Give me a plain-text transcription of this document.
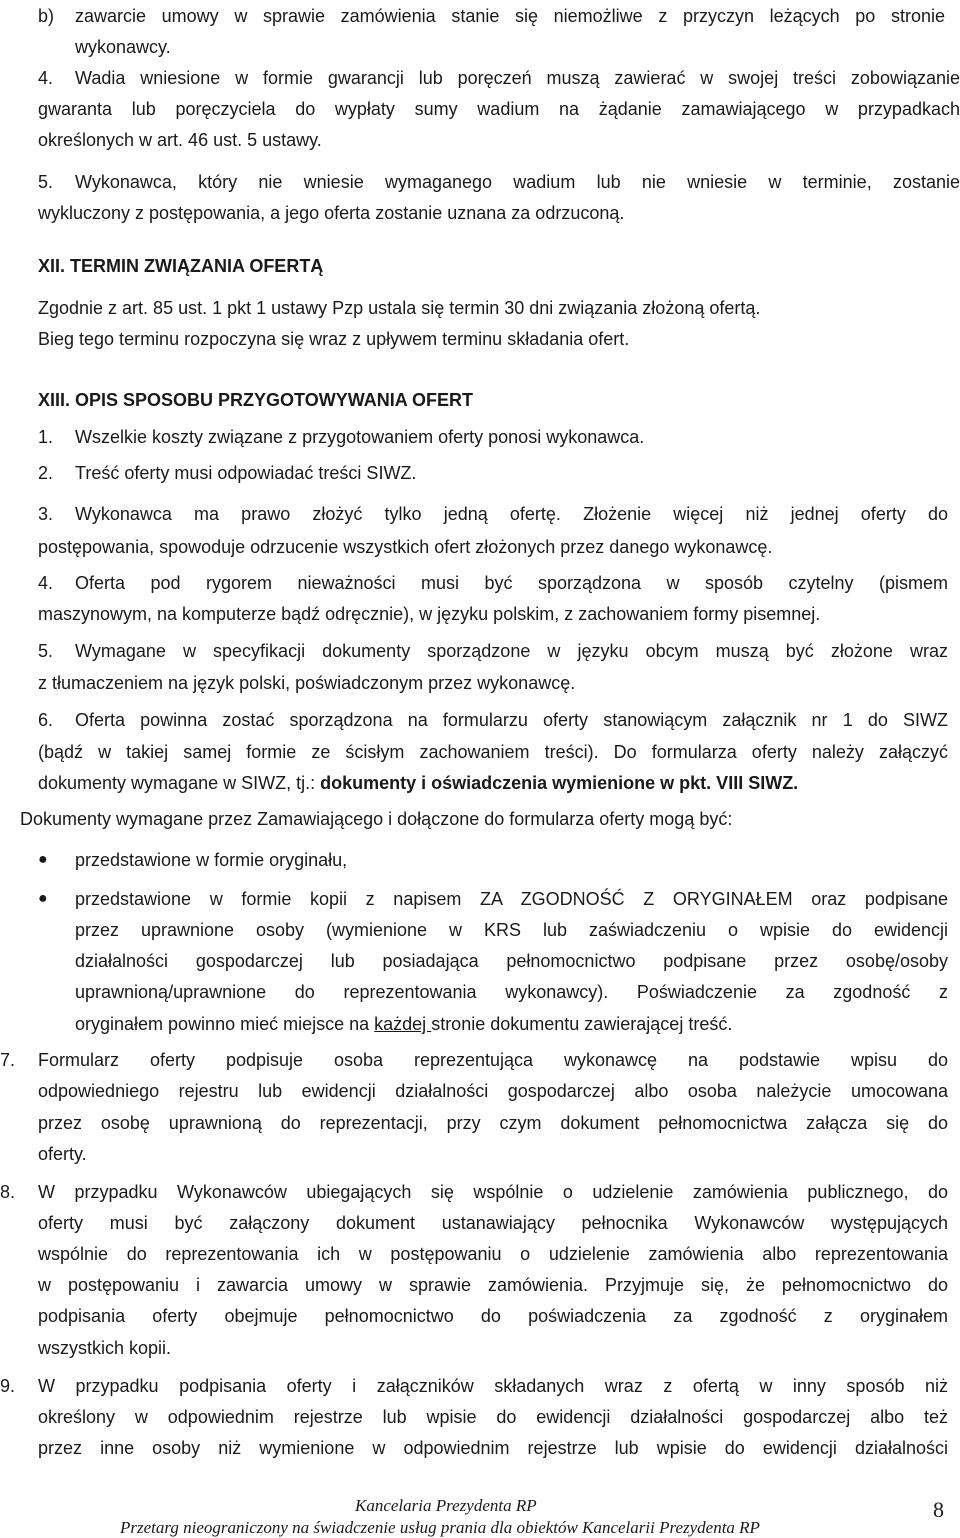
b) zawarcie umowy w sprawie zamówienia stanie się niemożliwe z przyczyn leżących po stronie
wykonawcy.
4. Wadia wniesione w formie gwarancji lub poręczeń muszą zawierać w swojej treści zobowiązanie
gwaranta lub poręczyciela do wypłaty sumy wadium na żądanie zamawiającego w przypadkach
określonych w art. 46 ust. 5 ustawy.
5. Wykonawca, który nie wniesie wymaganego wadium lub nie wniesie w terminie, zostanie
wykluczony z postępowania, a jego oferta zostanie uznana za odrzuconą.
XII. TERMIN ZWIĄZANIA OFERTĄ
Zgodnie z art. 85 ust. 1 pkt 1 ustawy Pzp ustala się termin 30 dni związania złożoną ofertą.
Bieg tego terminu rozpoczyna się wraz z upływem terminu składania ofert.
XIII. OPIS SPOSOBU PRZYGOTOWYWANIA OFERT
1. Wszelkie koszty związane z przygotowaniem oferty ponosi wykonawca.
2. Treść oferty musi odpowiadać treści SIWZ.
3. Wykonawca ma prawo złożyć tylko jedną ofertę. Złożenie więcej niż jednej oferty do
postępowania, spowoduje odrzucenie wszystkich ofert złożonych przez danego wykonawcę.
4. Oferta pod rygorem nieważności musi być sporządzona w sposób czytelny (pismem
maszynowym, na komputerze bądź odręcznie), w języku polskim, z zachowaniem formy pisemnej.
5. Wymagane w specyfikacji dokumenty sporządzone w języku obcym muszą być złożone wraz
z tłumaczeniem na język polski, poświadczonym przez wykonawcę.
6. Oferta powinna zostać sporządzona na formularzu oferty stanowiącym załącznik nr 1 do SIWZ
(bądź w takiej samej formie ze ścisłym zachowaniem treści). Do formularza oferty należy załączyć
dokumenty wymagane w SIWZ, tj.: dokumenty i oświadczenia wymienione w pkt. VIII SIWZ.
Dokumenty wymagane przez Zamawiającego i dołączone do formularza oferty mogą być:
● przedstawione w formie oryginału,
● przedstawione w formie kopii z napisem ZA ZGODNOŚĆ Z ORYGINAŁEM oraz podpisane
przez uprawnione osoby (wymienione w KRS lub zaświadczeniu o wpisie do ewidencji
działalności gospodarczej lub posiadająca pełnomocnictwo podpisane przez osobę/osoby
uprawnioną/uprawnione do reprezentowania wykonawcy). Poświadczenie za zgodność z
oryginałem powinno mieć miejsce na każdej stronie dokumentu zawierającej treść.
7. Formularz oferty podpisuje osoba reprezentująca wykonawcę na podstawie wpisu do
odpowiedniego rejestru lub ewidencji działalności gospodarczej albo osoba należycie umocowana
przez osobę uprawnioną do reprezentacji, przy czym dokument pełnomocnictwa załącza się do
oferty.
8. W przypadku Wykonawców ubiegających się wspólnie o udzielenie zamówienia publicznego, do
oferty musi być załączony dokument ustanawiający pełnocnika Wykonawców występujących
wspólnie do reprezentowania ich w postępowaniu o udzielenie zamówienia albo reprezentowania
w postępowaniu i zawarcia umowy w sprawie zamówienia. Przyjmuje się, że pełnomocnictwo do
podpisania oferty obejmuje pełnomocnictwo do poświadczenia za zgodność z oryginałem
wszystkich kopii.
9. W przypadku podpisania oferty i załączników składanych wraz z ofertą w inny sposób niż
określony w odpowiednim rejestrze lub wpisie do ewidencji działalności gospodarczej albo też
przez inne osoby niż wymienione w odpowiednim rejestrze lub wpisie do ewidencji działalności
Kancelaria Prezydenta RP	8
Przetarg nieograniczony na świadczenie usług prania dla obiektów Kancelarii Prezydenta RP
